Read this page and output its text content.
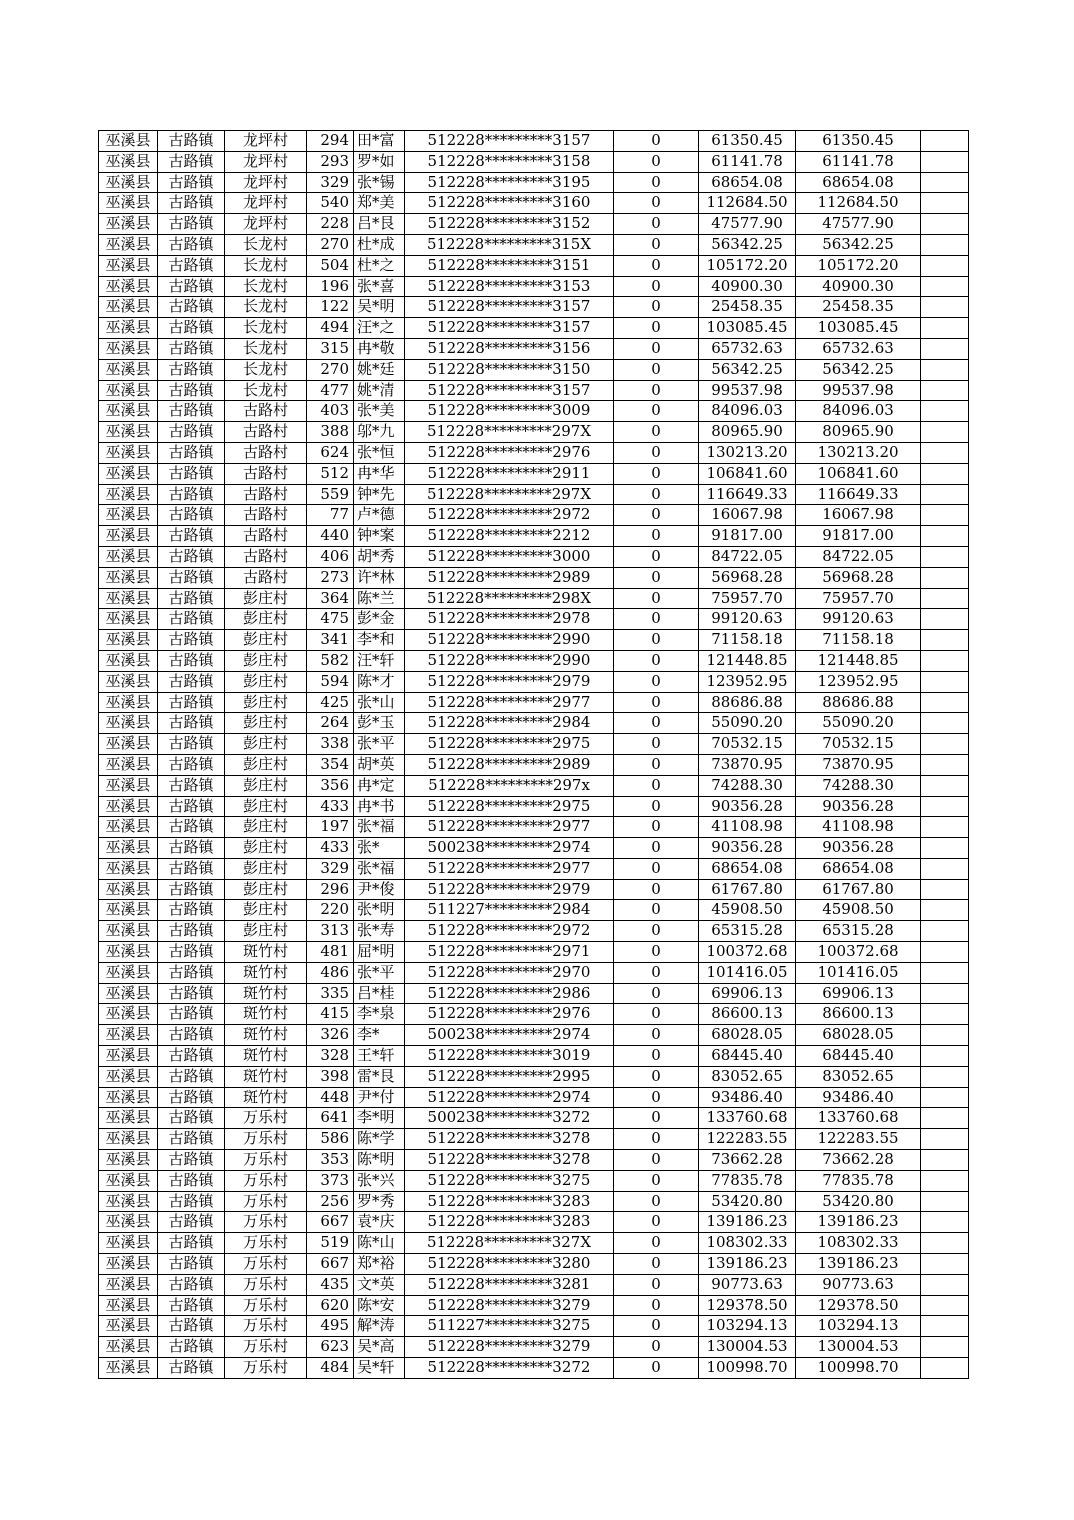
巫溪县	古路镇	龙坪村	294	田*富	512228*********3157	0	61350.45	61350.45	
巫溪县	古路镇	龙坪村	293	罗*如	512228*********3158	0	61141.78	61141.78	
巫溪县	古路镇	龙坪村	329	张*锡	512228*********3195	0	68654.08	68654.08	
巫溪县	古路镇	龙坪村	540	郑*美	512228*********3160	0	112684.50	112684.50	
巫溪县	古路镇	龙坪村	228	吕*艮	512228*********3152	0	47577.90	47577.90	
巫溪县	古路镇	长龙村	270	杜*成	512228*********315X	0	56342.25	56342.25	
巫溪县	古路镇	长龙村	504	杜*之	512228*********3151	0	105172.20	105172.20	
巫溪县	古路镇	长龙村	196	张*喜	512228*********3153	0	40900.30	40900.30	
巫溪县	古路镇	长龙村	122	吴*明	512228*********3157	0	25458.35	25458.35	
巫溪县	古路镇	长龙村	494	汪*之	512228*********3157	0	103085.45	103085.45	
巫溪县	古路镇	长龙村	315	冉*敬	512228*********3156	0	65732.63	65732.63	
巫溪县	古路镇	长龙村	270	姚*廷	512228*********3150	0	56342.25	56342.25	
巫溪县	古路镇	长龙村	477	姚*清	512228*********3157	0	99537.98	99537.98	
巫溪县	古路镇	古路村	403	张*美	512228*********3009	0	84096.03	84096.03	
巫溪县	古路镇	古路村	388	邬*九	512228*********297X	0	80965.90	80965.90	
巫溪县	古路镇	古路村	624	张*恒	512228*********2976	0	130213.20	130213.20	
巫溪县	古路镇	古路村	512	冉*华	512228*********2911	0	106841.60	106841.60	
巫溪县	古路镇	古路村	559	钟*先	512228*********297X	0	116649.33	116649.33	
巫溪县	古路镇	古路村	77	卢*德	512228*********2972	0	16067.98	16067.98	
巫溪县	古路镇	古路村	440	钟*案	512228*********2212	0	91817.00	91817.00	
巫溪县	古路镇	古路村	406	胡*秀	512228*********3000	0	84722.05	84722.05	
巫溪县	古路镇	古路村	273	许*林	512228*********2989	0	56968.28	56968.28	
巫溪县	古路镇	彭庄村	364	陈*兰	512228*********298X	0	75957.70	75957.70	
巫溪县	古路镇	彭庄村	475	彭*金	512228*********2978	0	99120.63	99120.63	
巫溪县	古路镇	彭庄村	341	李*和	512228*********2990	0	71158.18	71158.18	
巫溪县	古路镇	彭庄村	582	汪*轩	512228*********2990	0	121448.85	121448.85	
巫溪县	古路镇	彭庄村	594	陈*才	512228*********2979	0	123952.95	123952.95	
巫溪县	古路镇	彭庄村	425	张*山	512228*********2977	0	88686.88	88686.88	
巫溪县	古路镇	彭庄村	264	彭*玉	512228*********2984	0	55090.20	55090.20	
巫溪县	古路镇	彭庄村	338	张*平	512228*********2975	0	70532.15	70532.15	
巫溪县	古路镇	彭庄村	354	胡*英	512228*********2989	0	73870.95	73870.95	
巫溪县	古路镇	彭庄村	356	冉*定	512228*********297x	0	74288.30	74288.30	
巫溪县	古路镇	彭庄村	433	冉*书	512228*********2975	0	90356.28	90356.28	
巫溪县	古路镇	彭庄村	197	张*福	512228*********2977	0	41108.98	41108.98	
巫溪县	古路镇	彭庄村	433	张*	500238*********2974	0	90356.28	90356.28	
巫溪县	古路镇	彭庄村	329	张*福	512228*********2977	0	68654.08	68654.08	
巫溪县	古路镇	彭庄村	296	尹*俊	512228*********2979	0	61767.80	61767.80	
巫溪县	古路镇	彭庄村	220	张*明	511227*********2984	0	45908.50	45908.50	
巫溪县	古路镇	彭庄村	313	张*寿	512228*********2972	0	65315.28	65315.28	
巫溪县	古路镇	斑竹村	481	屈*明	512228*********2971	0	100372.68	100372.68	
巫溪县	古路镇	斑竹村	486	张*平	512228*********2970	0	101416.05	101416.05	
巫溪县	古路镇	斑竹村	335	吕*桂	512228*********2986	0	69906.13	69906.13	
巫溪县	古路镇	斑竹村	415	李*泉	512228*********2976	0	86600.13	86600.13	
巫溪县	古路镇	斑竹村	326	李*	500238*********2974	0	68028.05	68028.05	
巫溪县	古路镇	斑竹村	328	王*轩	512228*********3019	0	68445.40	68445.40	
巫溪县	古路镇	斑竹村	398	雷*艮	512228*********2995	0	83052.65	83052.65	
巫溪县	古路镇	斑竹村	448	尹*付	512228*********2974	0	93486.40	93486.40	
巫溪县	古路镇	万乐村	641	李*明	500238*********3272	0	133760.68	133760.68	
巫溪县	古路镇	万乐村	586	陈*学	512228*********3278	0	122283.55	122283.55	
巫溪县	古路镇	万乐村	353	陈*明	512228*********3278	0	73662.28	73662.28	
巫溪县	古路镇	万乐村	373	张*兴	512228*********3275	0	77835.78	77835.78	
巫溪县	古路镇	万乐村	256	罗*秀	512228*********3283	0	53420.80	53420.80	
巫溪县	古路镇	万乐村	667	袁*庆	512228*********3283	0	139186.23	139186.23	
巫溪县	古路镇	万乐村	519	陈*山	512228*********327X	0	108302.33	108302.33	
巫溪县	古路镇	万乐村	667	郑*裕	512228*********3280	0	139186.23	139186.23	
巫溪县	古路镇	万乐村	435	文*英	512228*********3281	0	90773.63	90773.63	
巫溪县	古路镇	万乐村	620	陈*安	512228*********3279	0	129378.50	129378.50	
巫溪县	古路镇	万乐村	495	解*涛	511227*********3275	0	103294.13	103294.13	
巫溪县	古路镇	万乐村	623	吴*高	512228*********3279	0	130004.53	130004.53	
巫溪县	古路镇	万乐村	484	吴*轩	512228*********3272	0	100998.70	100998.70	
